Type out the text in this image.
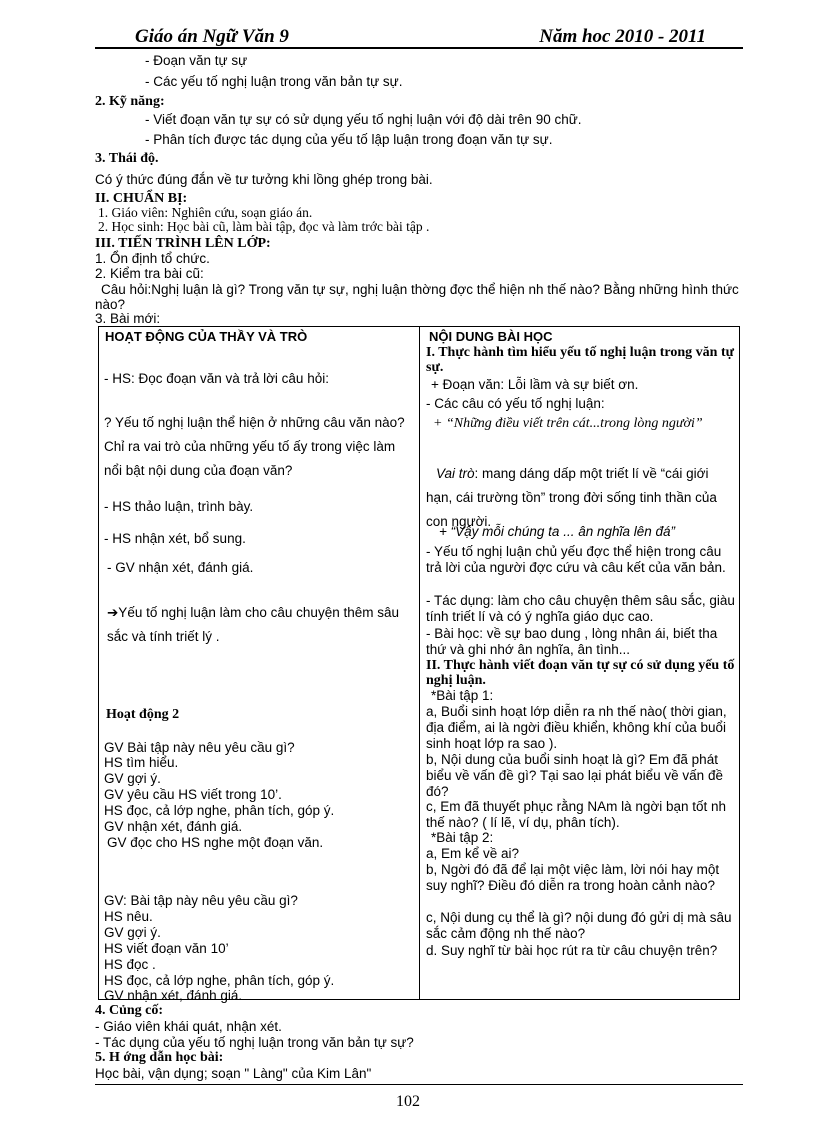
Giáo án Ngữ Văn 9	Năm hoc 2010 - 2011
- Đoạn văn tự sự
- Các yếu tố nghị luận trong văn bản tự sự.
2. Kỹ năng:
- Viết đoạn văn tự sự có sử dụng yếu tố nghị luận với độ dài trên 90 chữ.
- Phân tích được tác dụng của yếu tố lập luận trong đoạn văn tự sự.
3. Thái độ.
Có ý thức đúng đắn về tư tưởng khi lồng ghép trong bài.
II. CHUẨN BỊ:
1. Giáo viên: Nghiên cứu, soạn giáo án.
2. Học sinh: Học bài cũ, làm bài tập, đọc và làm trớc bài tập .
III. TIẾN TRÌNH LÊN LỚP:
1. Ổn định tổ chức.
2. Kiểm tra bài cũ:
Câu hỏi:Nghị luận là gì? Trong văn tự sự, nghị luận thờng đợc thể hiện nh thế nào? Bằng những hình thức nào?
3. Bài mới:
HOẠT ĐỘNG CỦA THẦY VÀ TRÒ	NỘI DUNG BÀI HỌC
- HS: Đọc đoạn văn và trả lời câu hỏi:
? Yếu tố nghị luận thể hiện ở những câu văn nào? Chỉ ra vai trò của những yếu tố ấy trong việc làm nổi bật nội dung của đoạn văn?
- HS thảo luận, trình bày.
- HS nhận xét, bổ sung.
- GV nhận xét, đánh giá.
➔Yếu tố nghị luận làm cho câu chuyện thêm sâu sắc và tính triết lý .
Hoạt động 2
GV Bài tập này nêu yêu cầu gì?
HS tìm hiểu.
GV gợi ý.
GV yêu cầu HS viết trong 10’.
HS đọc, cả lớp nghe, phân tích, góp ý.
GV nhận xét, đánh giá.
GV đọc cho HS nghe một đoạn văn.
GV: Bài tập này nêu yêu cầu gì?
HS nêu.
GV gợi ý.
HS viết đoạn văn 10’
HS đọc .
HS đọc, cả lớp nghe, phân tích, góp ý.
GV nhận xét, đánh giá.
I. Thực hành tìm hiểu yếu tố nghị luận trong văn tự sự.
+ Đoạn văn: Lỗi lầm và sự biết ơn.
- Các câu có yếu tố nghị luận:
+ “Những điều viết trên cát...trong lòng người”
Vai trò: mang dáng dấp một triết lí về “cái giới hạn, cái trường tồn” trong đời sống tinh thần của con người.
+ “Vậy mỗi chúng ta ... ân nghĩa lên đá”
- Yếu tố nghị luận chủ yếu đợc thể hiện trong câu trả lời của người đợc cứu và câu kết của văn bản.
- Tác dụng: làm cho câu chuyện thêm sâu sắc, giàu tính triết lí và có ý nghĩa giáo dục cao.
- Bài học: về sự bao dung , lòng nhân ái, biết tha thứ và ghi nhớ ân nghĩa, ân tình...
II. Thực hành viết đoạn văn tự sự có sử dụng yếu tố nghị luận.
*Bài tập 1:
a, Buổi sinh hoạt lớp diễn ra nh thế nào( thời gian, địa điểm, ai là ngời điều khiển, không khí của buổi sinh hoạt lớp ra sao ).
b, Nội dung của buổi sinh hoạt là gì? Em đã phát biểu về vấn đề gì? Tại sao lại phát biểu về vấn đề đó?
c, Em đã thuyết phục rằng NAm là ngời bạn tốt nh thế nào? ( lí lẽ, ví dụ, phân tích).
*Bài tập 2:
a, Em kể về ai?
b, Ngời đó đã để lại một việc làm, lời nói hay một suy nghĩ? Điều đó diễn ra trong hoàn cảnh nào?
c, Nội dung cụ thể là gì? nội dung đó gửi dị mà sâu sắc cảm động nh thế nào?
d. Suy nghĩ từ bài học rút ra từ câu chuyện trên?
4. Củng cố:
- Giáo viên khái quát, nhận xét.
- Tác dụng của yếu tố nghị luận trong văn bản tự sự?
5. H ớng dẫn học bài:
Học bài, vận dụng; soạn " Làng" của Kim Lân"
102
